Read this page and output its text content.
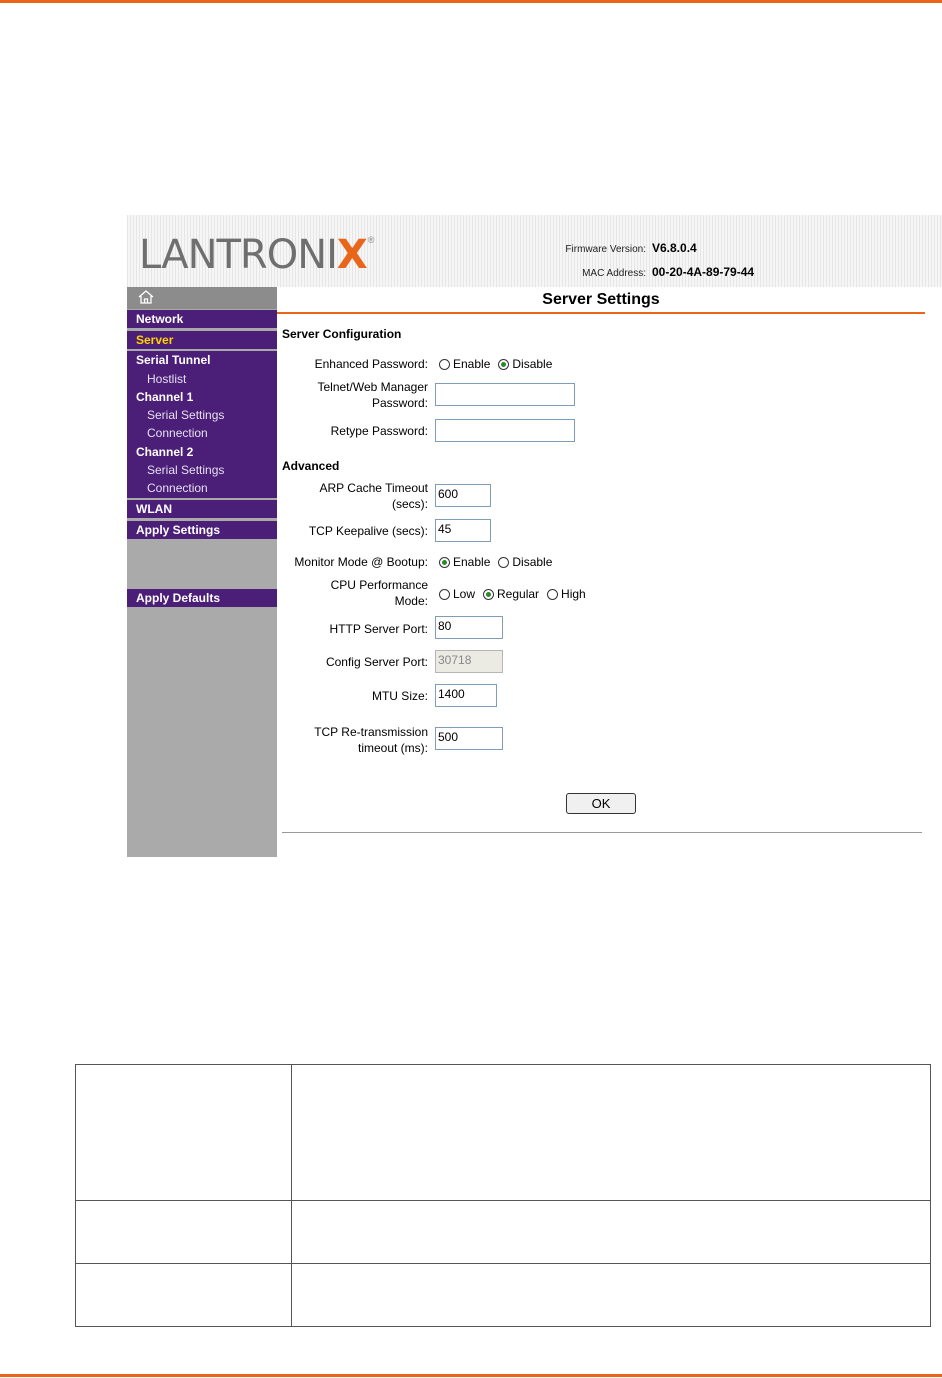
LANTRONIX ®
Firmware Version: V6.8.0.4
MAC Address: 00-20-4A-89-79-44
Network
Server
Serial Tunnel
Hostlist
Channel 1
Serial Settings
Connection
Channel 2
Serial Settings
Connection
WLAN
Apply Settings
Apply Defaults
Server Settings
Server Configuration
Enhanced Password: Enable Disable
Telnet/Web Manager
Password:
Retype Password:
Advanced
ARP Cache Timeout
(secs):
600
TCP Keepalive (secs): 45
Monitor Mode @ Bootup: Enable Disable
CPU Performance
Mode: Low Regular High
HTTP Server Port: 80
Config Server Port: 30718
MTU Size: 1400
TCP Re-transmission
timeout (ms):
500
OK
